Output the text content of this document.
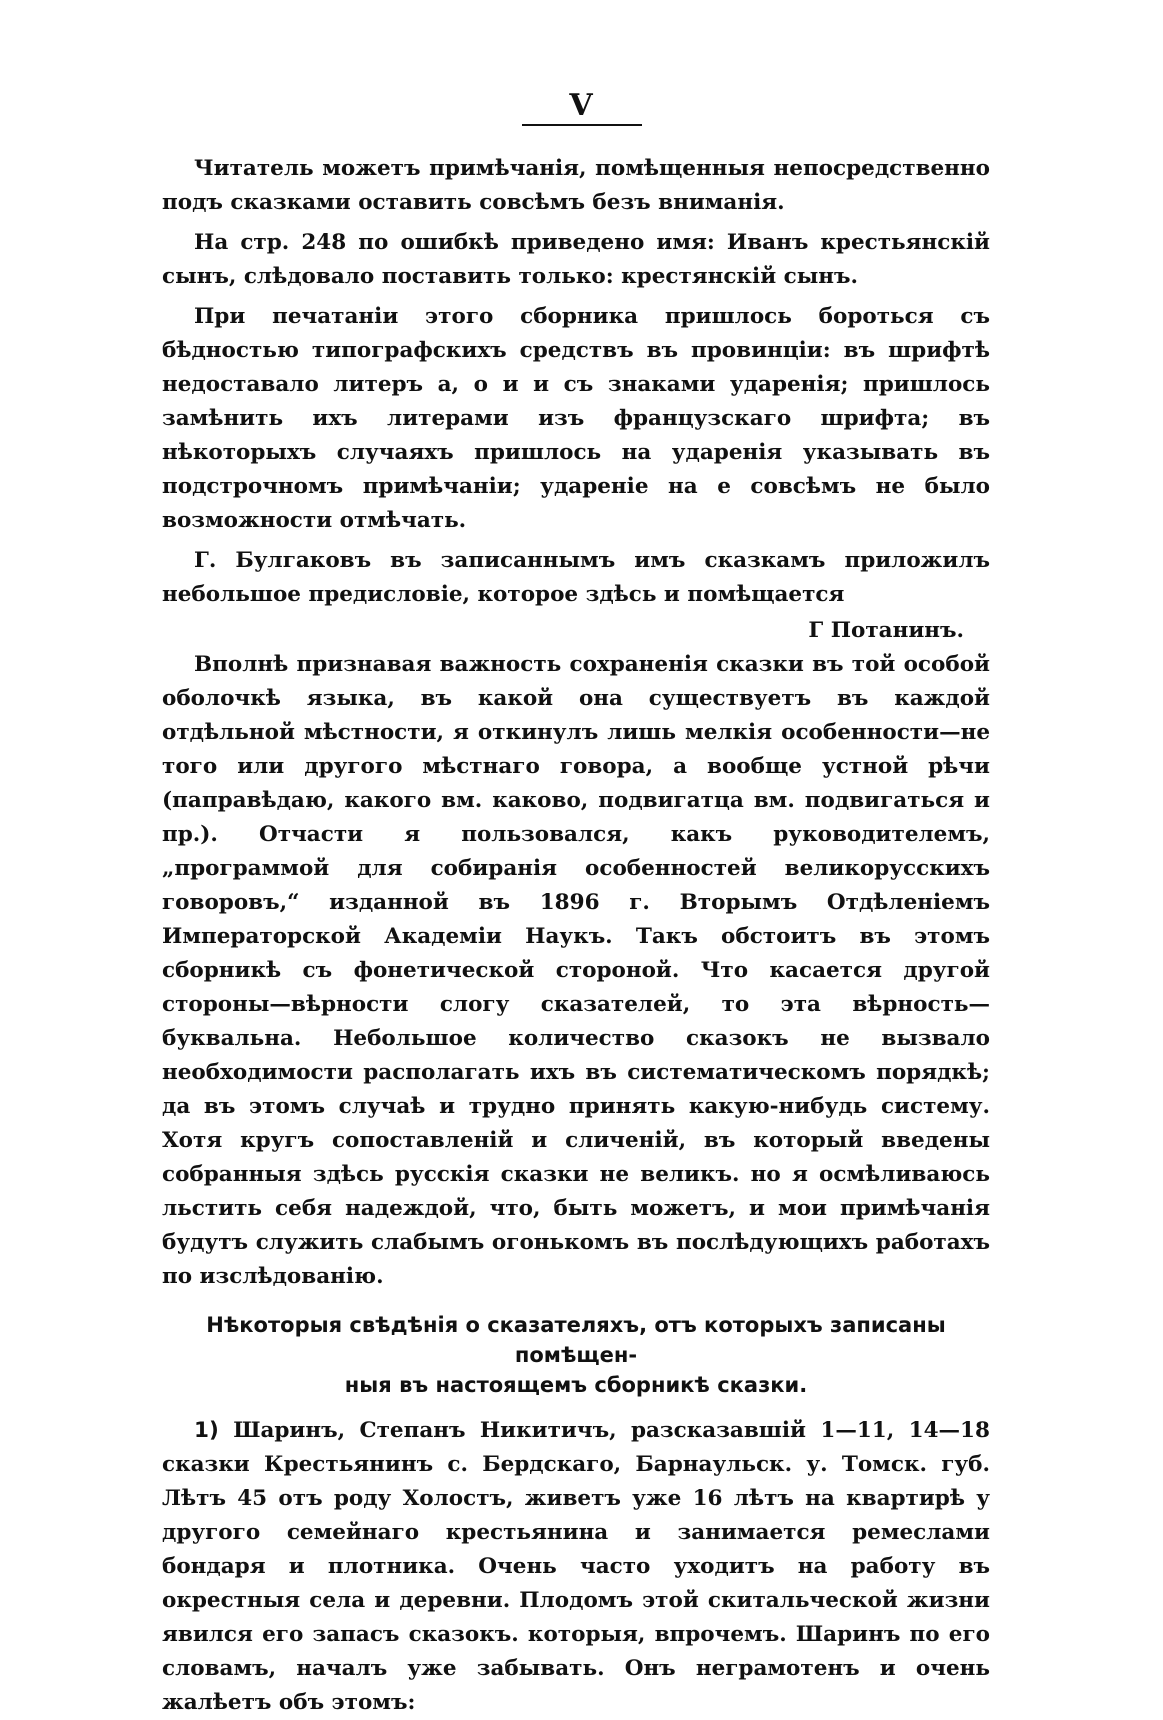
V

Читатель можетъ примѣчанія, помѣщенныя непосредственно подъ сказками оставить совсѣмъ безъ вниманія.

На стр. 248 по ошибкѣ приведено имя: Иванъ крестьянскій сынъ, слѣдовало поставить только: крестянскій сынъ.

При печатаніи этого сборника пришлось бороться съ бѣдностью типографскихъ средствъ въ провинціи: въ шрифтѣ недоставало литеръ а, о и и съ знаками ударенія; пришлось замѣнить ихъ литерами изъ французскаго шрифта; въ нѣкоторыхъ случаяхъ пришлось на ударенія указывать въ подстрочномъ примѣчаніи; удареніе на е совсѣмъ не было возможности отмѣчать.

Г. Булгаковъ въ записаннымъ имъ сказкамъ приложилъ небольшое предисловіе, которое здѣсь и помѣщается

Г Потанинъ.

Вполнѣ признавая важность сохраненія сказки въ той особой оболочкѣ языка, въ какой она существуетъ въ каждой отдѣльной мѣстности, я откинулъ лишь мелкія особенности—не того или другого мѣстнаго говора, а вообще устной рѣчи (паправѣдаю, какого вм. каково, подвигатца вм. подвигаться и пр.). Отчасти я пользовался, какъ руководителемъ, „программой для собиранія особенностей великорусскихъ говоровъ,“ изданной въ 1896 г. Вторымъ Отдѣленіемъ Императорской Академіи Наукъ. Такъ обстоитъ въ этомъ сборникѣ съ фонетической стороной. Что касается другой стороны—вѣрности слогу сказателей, то эта вѣрность—буквальна. Небольшое количество сказокъ не вызвало необходимости располагать ихъ въ систематическомъ порядкѣ; да въ этомъ случаѣ и трудно принять какую-нибудь систему. Хотя кругъ сопоставленій и сличеній, въ который введены собранныя здѣсь русскія сказки не великъ. но я осмѣливаюсь льстить себя надеждой, что, быть можетъ, и мои примѣчанія будутъ служить слабымъ огонькомъ въ послѣдующихъ работахъ по изслѣдованію.

Нѣкоторыя свѣдѣнія о сказателяхъ, отъ которыхъ записаны помѣщен-
ныя въ настоящемъ сборникѣ сказки.

1) Шаринъ, Степанъ Никитичъ, разсказавшій 1—11, 14—18 сказки Крестьянинъ с. Бердскаго, Барнаульск. у. Томск. губ. Лѣтъ 45 отъ роду Холостъ, живетъ уже 16 лѣтъ на квартирѣ у другого семейнаго крестьянина и занимается ремеслами бондаря и плотника. Очень часто уходитъ на работу въ окрестныя села и деревни. Плодомъ этой скитальческой жизни явился его запасъ сказокъ. которыя, впрочемъ. Шаринъ по его словамъ, началъ уже забывать. Онъ неграмотенъ и очень жалѣетъ объ этомъ:
